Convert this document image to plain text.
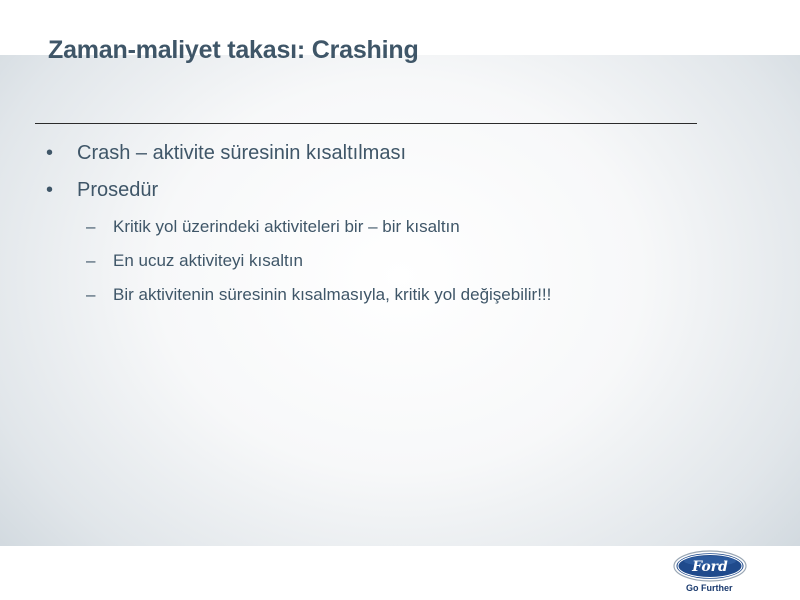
Zaman-maliyet takası: Crashing
•	Crash – aktivite süresinin kısaltılması
•	Prosedür
–	Kritik yol üzerindeki aktiviteleri bir – bir kısaltın
–	En ucuz aktiviteyi kısaltın
–	Bir aktivitenin süresinin kısalmasıyla, kritik yol değişebilir!!!
Ford
Go Further
